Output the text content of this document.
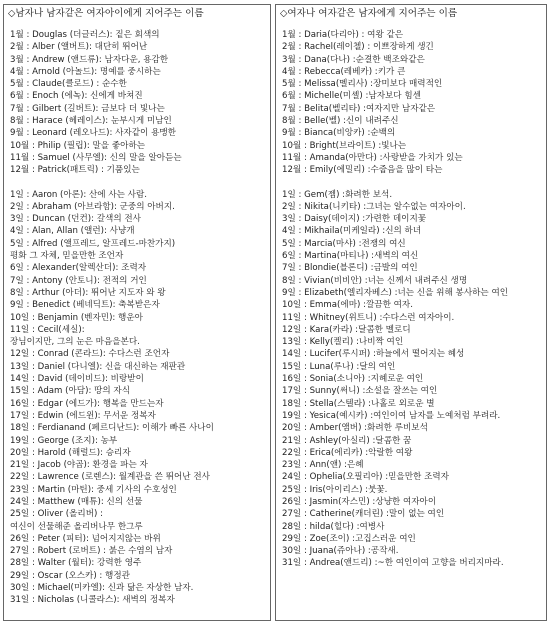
◇남자나 남자같은 여자아이에게 지어주는 이름
1월 : Douglas (더글러스): 짙은 회색의
2월 : Alber (앨버트): 대단히 뛰어난
3월 : Andrew (앤드류): 남자다운, 용감한
4월 : Arnold (아놀드): 명예를 중시하는
5월 : Claude(클로드) : 순수한
6월 : Enoch (에녹): 신에게 바쳐진
7월 : Gilbert (길버트): 금보다 더 빛나는
8월 : Harace (헤레이스): 눈부시게 미남인
9월 : Leonard (레오나드): 사자같이 용맹한
10월 : Philip (필립): 말을 좋아하는
11월 : Samuel (사무엘): 신의 말을 알아듣는
12월 : Patrick(패트릭) : 기품있는
1일 : Aaron (아론): 산에 사는 사람.
2일 : Abraham (아브라함): 군중의 아버지.
3일 : Duncan (던컨): 갈색의 전사
4일 : Alan, Allan (앨런): 사냥개
5일 : Alfred (앨프레드, 알프레드-마찬가지)
평화 그 자체, 믿을만한 조언자
6일 : Alexander(알렉산더): 조력자
7일 : Antony (안토니): 전적의 거인
8일 : Arthur (아더): 뛰어난 지도자 와 왕
9일 : Benedict (베네딕트): 축복받은자
10일 : Benjamin (벤자민): 행운아
11일 : Cecil(세실):
장님이지만, 그의 눈은 마음을본다.
12일 : Conrad (콘라드): 수다스런 조언자
13일 : Daniel (다니엘): 신을 대신하는 재판관
14일 : David (데이비드): 비랑받이
15일 : Adam (아담): 땅의 자식
16일 : Edgar (에드가): 행복을 만드는자
17일 : Edwin (에드윈): 무서운 정복자
18일 : Ferdianand (페르디난드): 이해가 빠른 사나이
19일 : George (조지): 농부
20일 : Harold (해럴드): 승리자
21일 : Jacob (야곱): 환경을 파는 자
22일 : Lawrence (로렌스): 월계관을 쓴 뛰어난 전사
23일 : Martin (마틴): 중세 기사의 수호성인
24일 : Matthew (매튜): 신의 선물
25일 : Oliver (올리버) :
여신이 선물해준 올리버나무 한그루
26일 : Peter (피터): 넘어지지않는 바위
27일 : Robert (로버트) : 붉은 수염의 남자
28일 : Walter (월터): 강력한 영주
29일 : Oscar (오스카) : 행정관
30일 : Michael(미카엘): 신과 닮은 자상한 남자.
31일 : Nicholas (니콜라스): 새벽의 정복자
◇여자나 여자같은 남자에게 지어주는 이름
1월 : Daria(다리아) : 여왕 같은
2월 : Rachel(레이첼) : 이쁘장하게 생긴
3월 : Dana(다나) :순결한 백조와같은
4월 : Rebecca(레베카) :키가 큰
5월 : Melissa(멜리사) :장미보다 매력적인
6월 : Michelle(미셸) :남자보다 힘센
7월 : Belita(벨리타) :여자지만 남자같은
8월 : Belle(벨) :신이 내려주신
9월 : Bianca(비앙카) :순백의
10월 : Bright(브라이트) :빛나는
11월 : Amanda(아만다) :사랑받을 가치가 있는
12월 : Emily(에밀리) :수줍음을 많이 타는
1일 : Gem(젬) :화려한 보석.
2일 : Nikita(니키타) :그녀는 알수없는 여자아이.
3일 : Daisy(데이지) :가련한 데이지꽃
4일 : Mikhaila(미케일라) :신의 하녀
5일 : Marcia(마샤) :전쟁의 여신
6일 : Martina(마티나) :새벽의 여신
7일 : Blondie(블론디) :금발의 여인
8일 : Vivian(비비안) :너는 신께서 내려주신 생명
9일 : Elizabeth(엘리자베스) :너는 신을 위해 봉사하는 여인
10일 : Emma(에마) :깔끔한 여자.
11일 : Whitney(위트니) :수다스런 여자아이.
12일 : Kara(카라) :달콤한 멜로디
13일 : Kelly(켈리) :나비짝 여인
14일 : Lucifer(루시퍼) :하늘에서 떨어지는 혜성
15일 : Luna(루나) :달의 여인
16일 : Sonia(소니아) :지혜로운 여인
17일 : Sunny(써니) :소설을 잘쓰는 여인
18일 : Stella(스텔라) :나홀로 외로운 별
19일 : Yesica(예시카) :여인이여 남자를 노예처럼 부려라.
20일 : Amber(앰버) :화려한 루비보석
21일 : Ashley(아실리) :달콤한 꿈
22일 : Erica(에리카) :악랄한 여왕
23일 : Ann(앤) :은혜
24일 : Ophelia(오필리아) :믿을만한 조력자
25일 : Iris(아이리스) :붓꽃.
26일 : Jasmin(자스민) :상냥한 여자아이
27일 : Catherine(캐더린) :말이 없는 여인
28일 : hilda(힐다) :여병사
29일 : Zoe(조이) :고집스러운 여인
30일 : Juana(쥬아나) :공작새.
31일 : Andrea(앤드리) :~한 여인이여 고향을 버리지마라.
